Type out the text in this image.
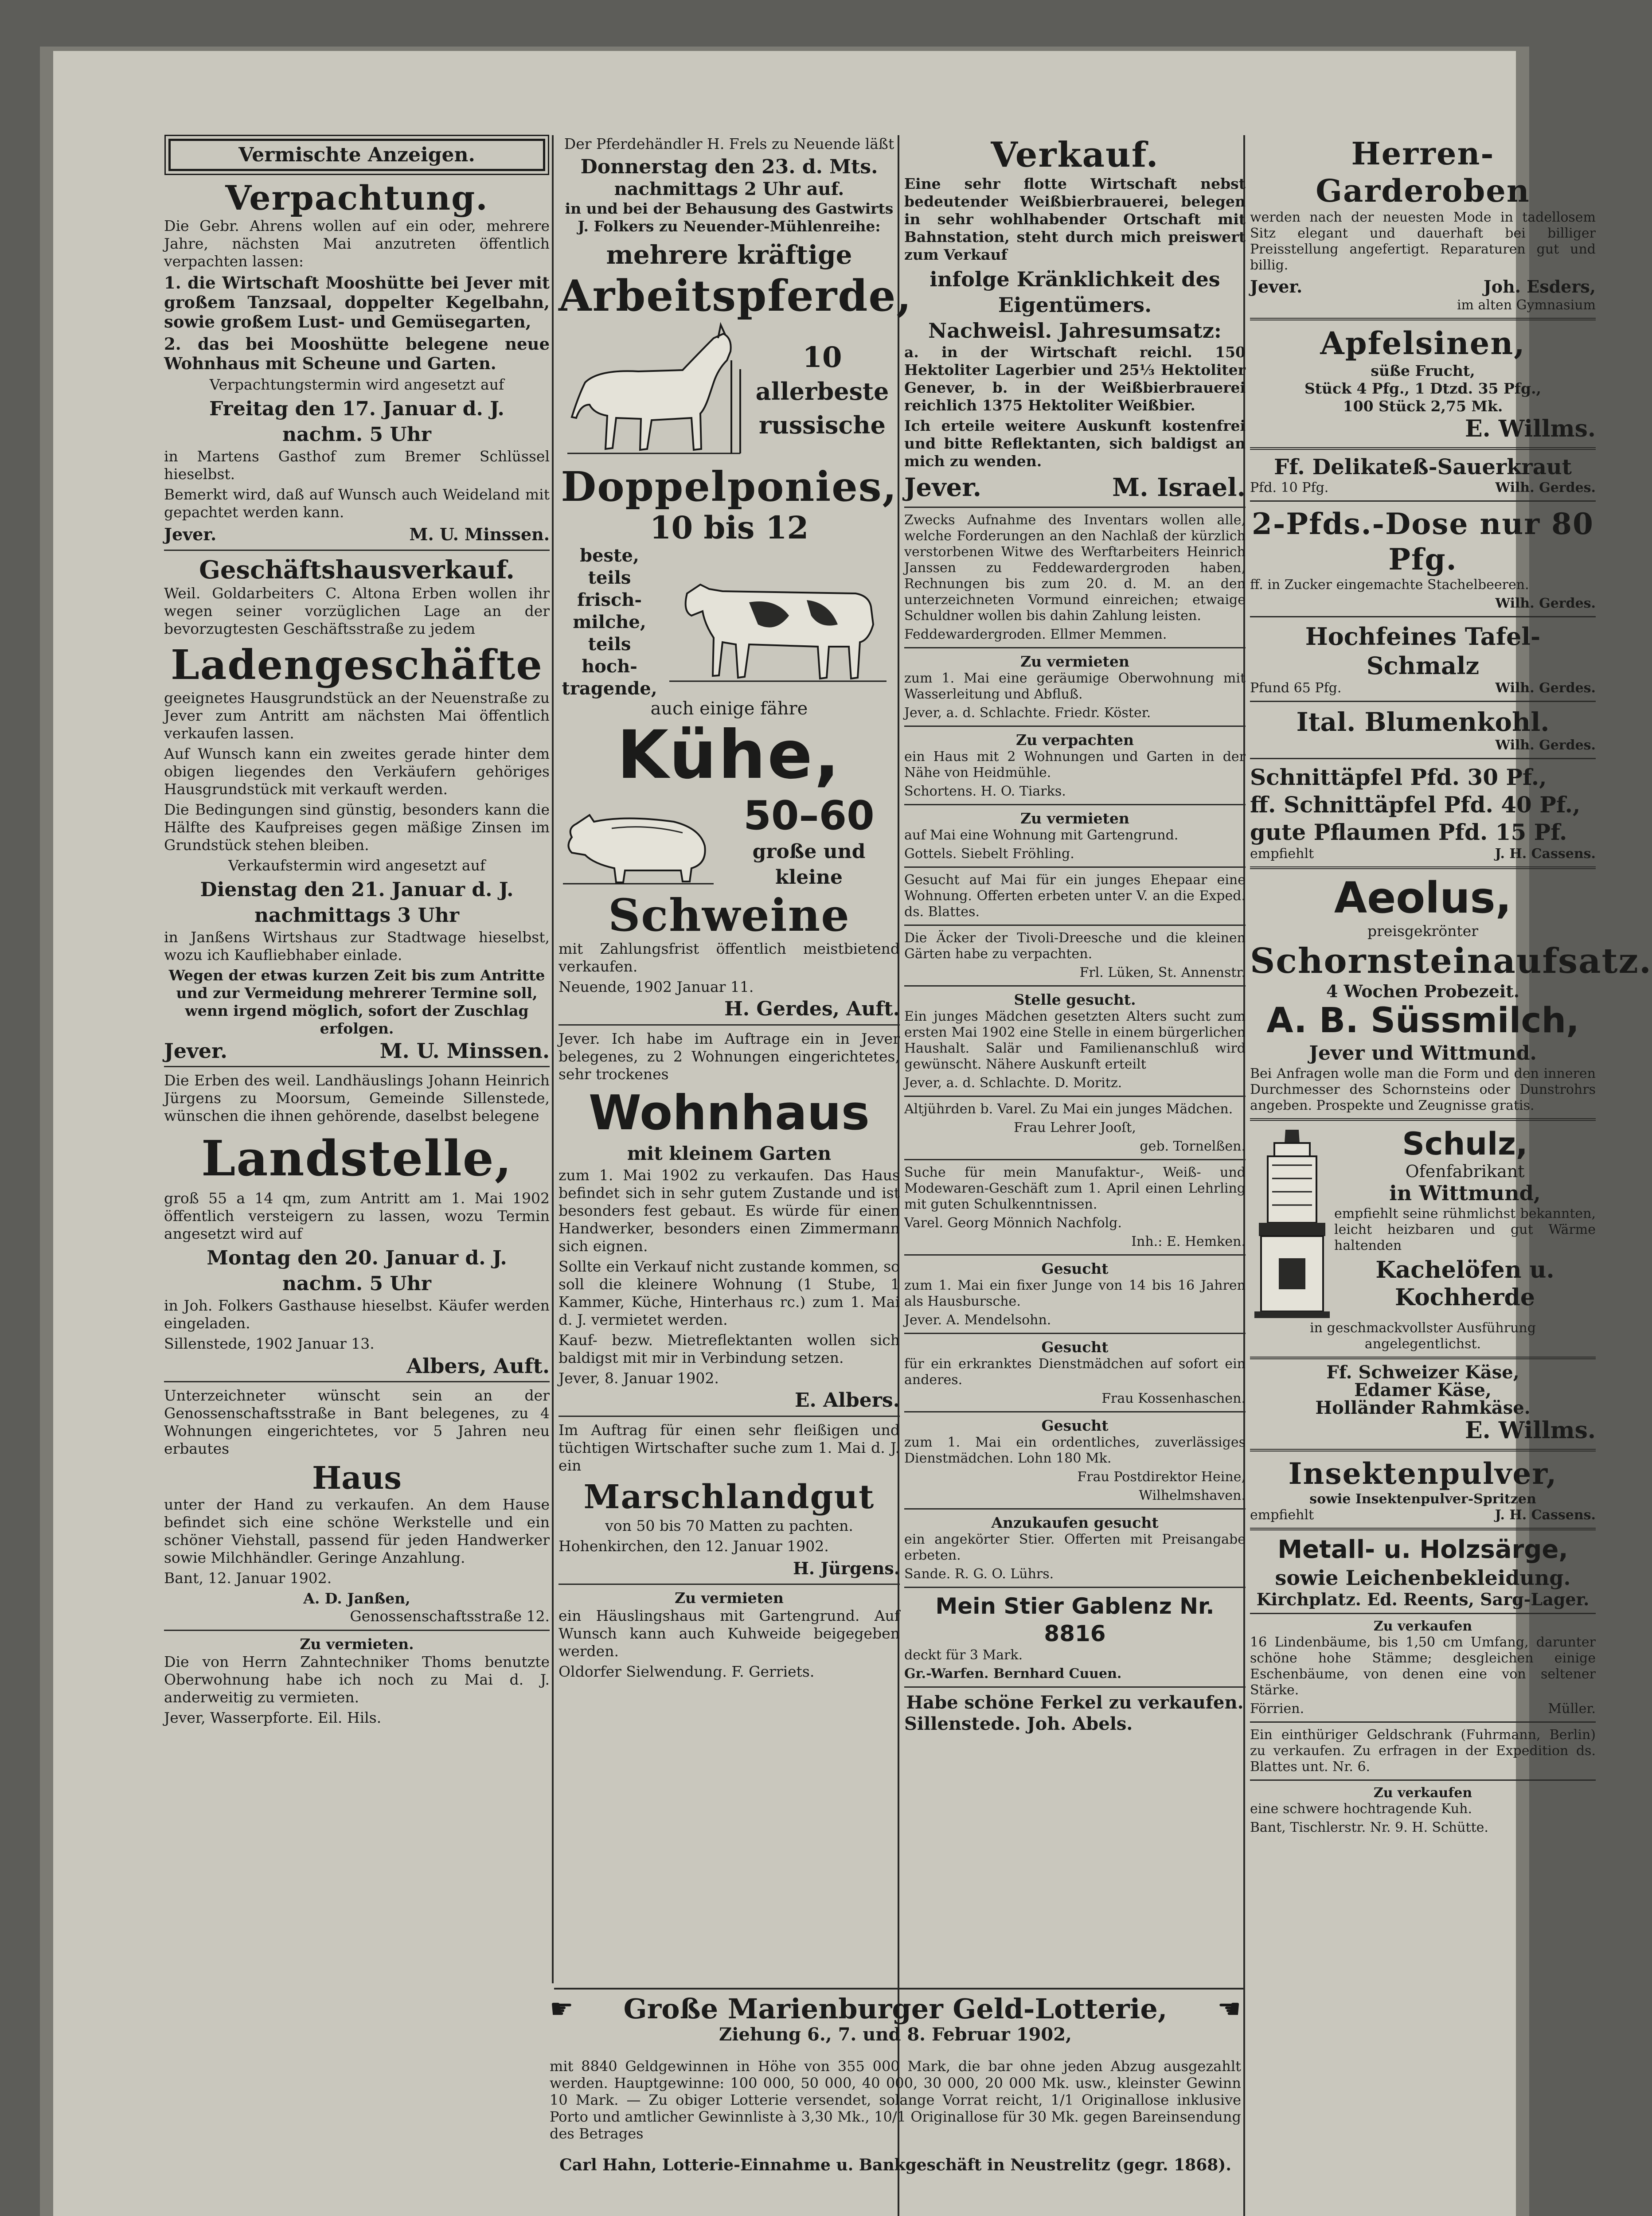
Vermischte Anzeigen.
Verpachtung.

Die Gebr. Ahrens wollen auf ein oder, mehrere Jahre, nächsten Mai anzutreten öffentlich verpachten lassen:

1. die Wirtschaft Mooshütte bei Jever mit großem Tanzsaal, doppelter Kegelbahn, sowie großem Lust- und Gemüsegarten,

2. das bei Mooshütte belegene neue Wohnhaus mit Scheune und Garten.

Verpachtungstermin wird angesetzt auf

Freitag den 17. Januar d. J.
nachm. 5 Uhr

in Martens Gasthof zum Bremer Schlüssel hieselbst.

Bemerkt wird, daß auf Wunsch auch Weideland mit gepachtet werden kann.

Jever.	M. U. Minssen.
Geschäftshausverkauf.

Weil. Goldarbeiters C. Altona Erben wollen ihr wegen seiner vorzüglichen Lage an der bevorzugtesten Geschäftsstraße zu jedem

Ladengeschäfte

geeignetes Hausgrundstück an der Neuenstraße zu Jever zum Antritt am nächsten Mai öffentlich verkaufen lassen.

Auf Wunsch kann ein zweites gerade hinter dem obigen liegendes den Verkäufern gehöriges Hausgrundstück mit verkauft werden.

Die Bedingungen sind günstig, besonders kann die Hälfte des Kaufpreises gegen mäßige Zinsen im Grundstück stehen bleiben.

Verkaufstermin wird angesetzt auf

Dienstag den 21. Januar d. J.
nachmittags 3 Uhr

in Janßens Wirtshaus zur Stadtwage hieselbst, wozu ich Kaufliebhaber einlade.

Wegen der etwas kurzen Zeit bis zum Antritte und zur Vermeidung mehrerer Termine soll, wenn irgend möglich, sofort der Zuschlag erfolgen.

Jever.	M. U. Minssen.

Die Erben des weil. Landhäuslings Johann Heinrich Jürgens zu Moorsum, Gemeinde Sillenstede, wünschen die ihnen gehörende, daselbst belegene

Landstelle,

groß 55 a 14 qm, zum Antritt am 1. Mai 1902 öffentlich versteigern zu lassen, wozu Termin angesetzt wird auf

Montag den 20. Januar d. J.
nachm. 5 Uhr

in Joh. Folkers Gasthause hieselbst. Käufer werden eingeladen.

Sillenstede, 1902 Januar 13.

Albers, Auft.

Unterzeichneter wünscht sein an der Genossenschaftsstraße in Bant belegenes, zu 4 Wohnungen eingerichtetes, vor 5 Jahren neu erbautes

Haus

unter der Hand zu verkaufen. An dem Hause befindet sich eine schöne Werkstelle und ein schöner Viehstall, passend für jeden Handwerker sowie Milchhändler. Geringe Anzahlung.

Bant, 12. Januar 1902.

A. D. Janßen,
Genossenschaftsstraße 12.
Zu vermieten.

Die von Herrn Zahntechniker Thoms benutzte Oberwohnung habe ich noch zu Mai d. J. anderweitig zu vermieten.

Jever, Wasserpforte. Eil. Hils.

Der Pferdehändler H. Frels zu Neuende läßt

Donnerstag den 23. d. Mts.
nachmittags 2 Uhr auf.

in und bei der Behausung des Gastwirts J. Folkers zu Neuender-Mühlenreihe:

mehrere kräftige
Arbeitspferde,
10
allerbeste
russische
Doppelponies,
10 bis 12
beste,
teils frisch-
milche,
teils hoch-
tragende,
auch einige fähre
Kühe,
50–60
große und kleine
Schweine

mit Zahlungsfrist öffentlich meistbietend verkaufen.

Neuende, 1902 Januar 11.

H. Gerdes, Auft.

Jever. Ich habe im Auftrage ein in Jever belegenes, zu 2 Wohnungen eingerichtetes, sehr trockenes

Wohnhaus
mit kleinem Garten

zum 1. Mai 1902 zu verkaufen. Das Haus befindet sich in sehr gutem Zustande und ist besonders fest gebaut. Es würde für einen Handwerker, besonders einen Zimmermann sich eignen.

Sollte ein Verkauf nicht zustande kommen, so soll die kleinere Wohnung (1 Stube, 1 Kammer, Küche, Hinterhaus rc.) zum 1. Mai d. J. vermietet werden.

Kauf- bezw. Mietreflektanten wollen sich baldigst mit mir in Verbindung setzen.

Jever, 8. Januar 1902.

E. Albers.

Im Auftrag für einen sehr fleißigen und tüchtigen Wirtschafter suche zum 1. Mai d. J. ein

Marschlandgut

von 50 bis 70 Matten zu pachten.

Hohenkirchen, den 12. Januar 1902.

H. Jürgens.
Zu vermieten

ein Häuslingshaus mit Gartengrund. Auf Wunsch kann auch Kuhweide beigegeben werden.

Oldorfer Sielwendung. F. Gerriets.

Verkauf.

Eine sehr flotte Wirtschaft nebst bedeutender Weißbierbrauerei, belegen in sehr wohlhabender Ortschaft mit Bahnstation, steht durch mich preiswert zum Verkauf

infolge Kränklichkeit des Eigentümers.
Nachweisl. Jahresumsatz:

a. in der Wirtschaft reichl. 150 Hektoliter Lagerbier und 25⅓ Hektoliter Genever, b. in der Weißbierbrauerei reichlich 1375 Hektoliter Weißbier.

Ich erteile weitere Auskunft kostenfrei und bitte Reflektanten, sich baldigst an mich zu wenden.

Jever.	M. Israel.

Zwecks Aufnahme des Inventars wollen alle, welche Forderungen an den Nachlaß der kürzlich verstorbenen Witwe des Werftarbeiters Heinrich Janssen zu Feddewardergroden haben, Rechnungen bis zum 20. d. M. an den unterzeichneten Vormund einreichen; etwaige Schuldner wollen bis dahin Zahlung leisten.

Feddewardergroden. Ellmer Memmen.

Zu vermieten

zum 1. Mai eine geräumige Oberwohnung mit Wasserleitung und Abfluß.

Jever, a. d. Schlachte. Friedr. Köster.

Zu verpachten

ein Haus mit 2 Wohnungen und Garten in der Nähe von Heidmühle.

Schortens. H. O. Tiarks.

Zu vermieten

auf Mai eine Wohnung mit Gartengrund.

Gottels. Siebelt Fröhling.

Gesucht auf Mai für ein junges Ehepaar eine Wohnung. Offerten erbeten unter V. an die Exped. ds. Blattes.

Die Äcker der Tivoli-Dreesche und die kleinen Gärten habe zu verpachten.

Frl. Lüken, St. Annenstr.

Stelle gesucht.

Ein junges Mädchen gesetzten Alters sucht zum ersten Mai 1902 eine Stelle in einem bürgerlichen Haushalt. Salär und Familienanschluß wird gewünscht. Nähere Auskunft erteilt

Jever, a. d. Schlachte. D. Moritz.

Altjührden b. Varel. Zu Mai ein junges Mädchen.

Frau Lehrer Jooſt,

geb. Tornelßen.

Suche für mein Manufaktur-, Weiß- und Modewaren-Geschäft zum 1. April einen Lehrling mit guten Schulkenntnissen.

Varel. Georg Mönnich Nachfolg.

Inh.: E. Hemken.

Gesucht

zum 1. Mai ein fixer Junge von 14 bis 16 Jahren als Hausbursche.

Jever. A. Mendelsohn.

Gesucht

für ein erkranktes Dienstmädchen auf sofort ein anderes.

Frau Kossenhaschen.

Gesucht

zum 1. Mai ein ordentliches, zuverlässiges Dienstmädchen. Lohn 180 Mk.

Frau Postdirektor Heine,

Wilhelmshaven.

Anzukaufen gesucht

ein angekörter Stier. Offerten mit Preisangabe erbeten.

Sande. R. G. O. Lührs.

Mein Stier Gablenz Nr. 8816

deckt für 3 Mark.

Gr.-Warfen. Bernhard Cuuen.

Habe schöne Ferkel zu verkaufen.
Sillenstede. Joh. Abels.
Herren-Garderoben

werden nach der neuesten Mode in tadellosem Sitz elegant und dauerhaft bei billiger Preisstellung angefertigt. Reparaturen gut und billig.

Jever.	Joh. Esders,

im alten Gymnasium

Apfelsinen,
süße Frucht,
Stück 4 Pfg., 1 Dtzd. 35 Pfg.,
100 Stück 2,75 Mk.
E. Willms.
Ff. Delikateß-Sauerkraut
Pfd. 10 Pfg.	Wilh. Gerdes.
2-Pfds.-Dose nur 80 Pfg.

ff. in Zucker eingemachte Stachelbeeren.

Wilh. Gerdes.

Hochfeines Tafel-Schmalz
Pfund 65 Pfg.	Wilh. Gerdes.
Ital. Blumenkohl.

Wilh. Gerdes.

Schnittäpfel Pfd. 30 Pf.,
ff. Schnittäpfel Pfd. 40 Pf.,
gute Pflaumen Pfd. 15 Pf.
empfiehlt	J. H. Cassens.
Aeolus,
preisgekrönter
Schornsteinaufsatz.
4 Wochen Probezeit.
A. B. Süssmilch,
Jever und Wittmund.

Bei Anfragen wolle man die Form und den inneren Durchmesser des Schornsteins oder Dunstrohrs angeben. Prospekte und Zeugnisse gratis.

Schulz,
Ofenfabrikant
in Wittmund,

empfiehlt seine rühmlichst bekannten, leicht heizbaren und gut Wärme haltenden

Kachelöfen u. Kochherde

in geschmackvollster Ausführung angelegentlichst.

Ff. Schweizer Käse,
Edamer Käse,
Holländer Rahmkäse.
E. Willms.
Insektenpulver,
sowie Insektenpulver-Spritzen
empfiehlt	J. H. Cassens.
Metall- u. Holzsärge,
sowie Leichenbekleidung.
Kirchplatz. Ed. Reents, Sarg-Lager.
Zu verkaufen

16 Lindenbäume, bis 1,50 cm Umfang, darunter schöne hohe Stämme; desgleichen einige Eschenbäume, von denen eine von seltener Stärke.

Förrien.	Müller.

Ein einthüriger Geldschrank (Fuhrmann, Berlin) zu verkaufen. Zu erfragen in der Expedition ds. Blattes unt. Nr. 6.

Zu verkaufen

eine schwere hochtragende Kuh.

Bant, Tischlerstr. Nr. 9. H. Schütte.

☛	Große Marienburger Geld-Lotterie,	☚
Ziehung 6., 7. und 8. Februar 1902,

mit 8840 Geldgewinnen in Höhe von 355 000 Mark, die bar ohne jeden Abzug ausgezahlt werden. Hauptgewinne: 100 000, 50 000, 40 000, 30 000, 20 000 Mk. usw., kleinster Gewinn 10 Mark. — Zu obiger Lotterie versendet, solange Vorrat reicht, 1/1 Originallose inklusive Porto und amtlicher Gewinnliste à 3,30 Mk., 10/1 Originallose für 30 Mk. gegen Bareinsendung des Betrages

Carl Hahn, Lotterie-Einnahme u. Bankgeschäft in Neustrelitz (gegr. 1868).
